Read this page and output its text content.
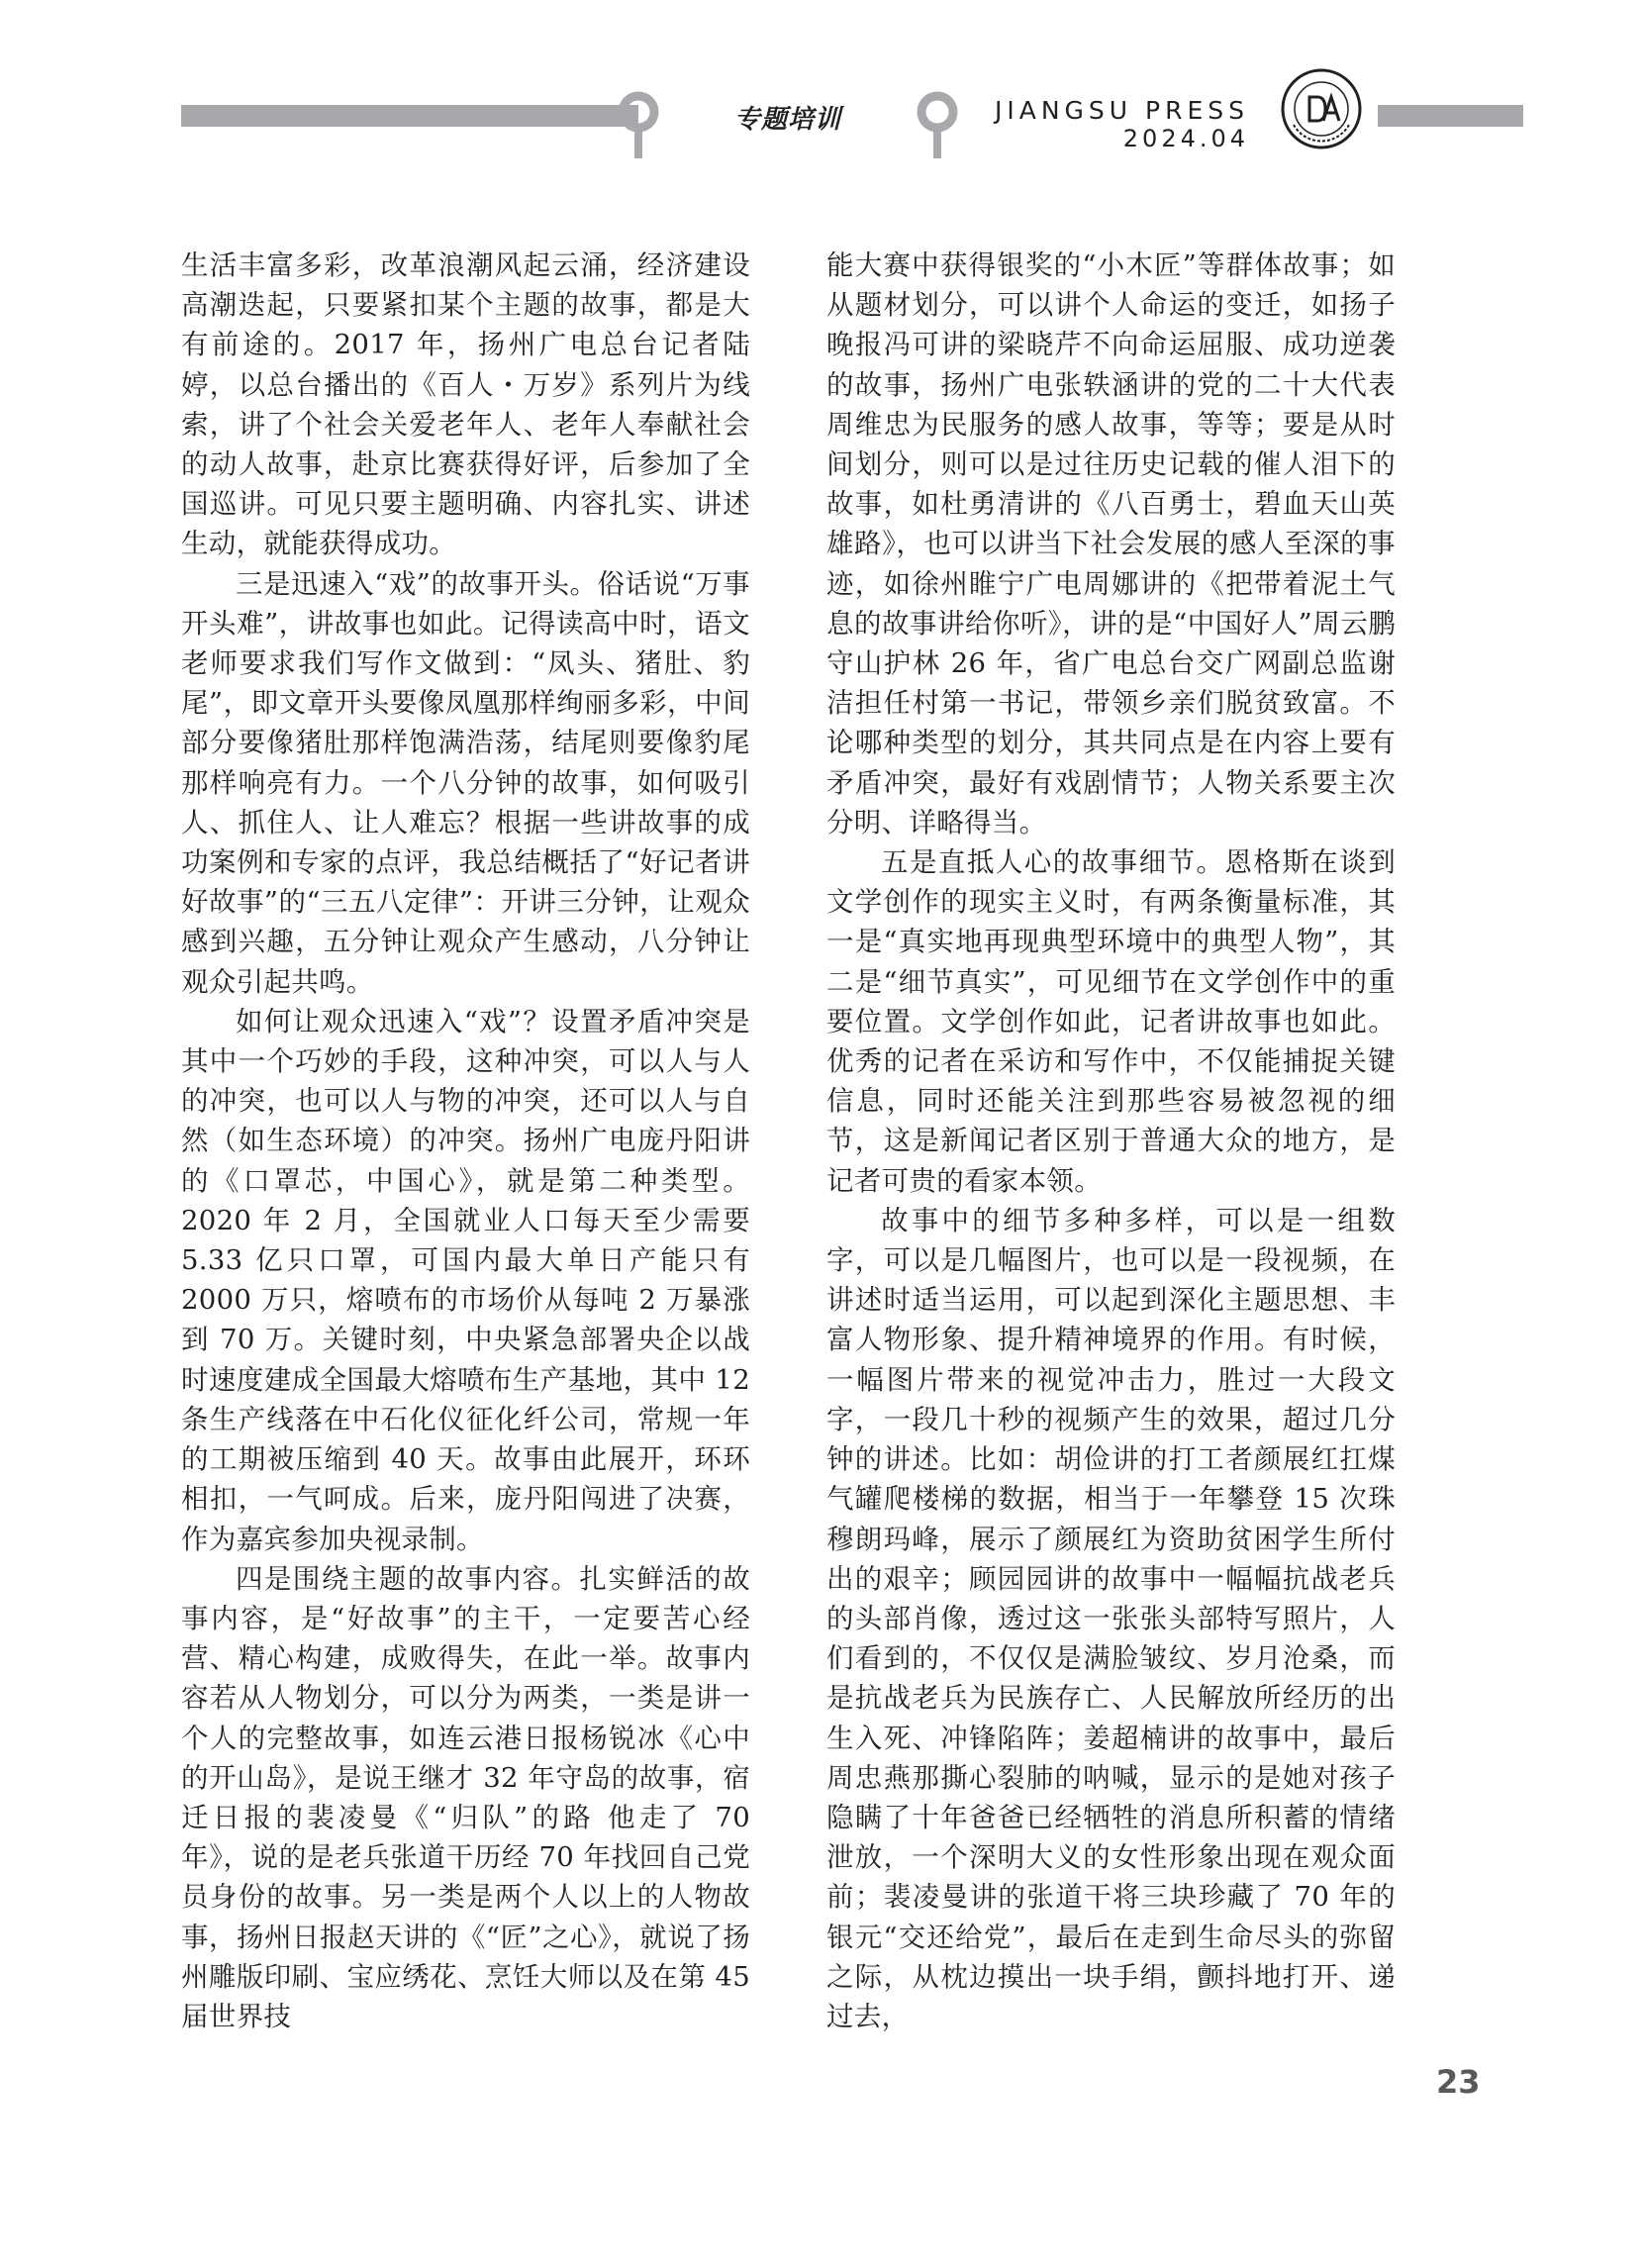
专题培训	JIANGSU PRESS
2024.04

生活丰富多彩，改革浪潮风起云涌，经济建设高潮迭起，只要紧扣某个主题的故事，都是大有前途的。2017 年，扬州广电总台记者陆婷，以总台播出的《百人・万岁》系列片为线索，讲了个社会关爱老年人、老年人奉献社会的动人故事，赴京比赛获得好评，后参加了全国巡讲。可见只要主题明确、内容扎实、讲述生动，就能获得成功。

三是迅速入“戏”的故事开头。俗话说“万事开头难”，讲故事也如此。记得读高中时，语文老师要求我们写作文做到：“凤头、猪肚、豹尾”，即文章开头要像凤凰那样绚丽多彩，中间部分要像猪肚那样饱满浩荡，结尾则要像豹尾那样响亮有力。一个八分钟的故事，如何吸引人、抓住人、让人难忘？根据一些讲故事的成功案例和专家的点评，我总结概括了“好记者讲好故事”的“三五八定律”：开讲三分钟，让观众感到兴趣，五分钟让观众产生感动，八分钟让观众引起共鸣。

如何让观众迅速入“戏”？设置矛盾冲突是其中一个巧妙的手段，这种冲突，可以人与人的冲突，也可以人与物的冲突，还可以人与自然（如生态环境）的冲突。扬州广电庞丹阳讲的《口罩芯，中国心》，就是第二种类型。2020 年 2 月，全国就业人口每天至少需要 5.33 亿只口罩，可国内最大单日产能只有 2000 万只，熔喷布的市场价从每吨 2 万暴涨到 70 万。关键时刻，中央紧急部署央企以战时速度建成全国最大熔喷布生产基地，其中 12 条生产线落在中石化仪征化纤公司，常规一年的工期被压缩到 40 天。故事由此展开，环环相扣，一气呵成。后来，庞丹阳闯进了决赛，作为嘉宾参加央视录制。

四是围绕主题的故事内容。扎实鲜活的故事内容，是“好故事”的主干，一定要苦心经营、精心构建，成败得失，在此一举。故事内容若从人物划分，可以分为两类，一类是讲一个人的完整故事，如连云港日报杨锐冰《心中的开山岛》，是说王继才 32 年守岛的故事，宿迁日报的裴凌曼《“归队”的路 他走了 70 年》，说的是老兵张道干历经 70 年找回自己党员身份的故事。另一类是两个人以上的人物故事，扬州日报赵天讲的《“匠”之心》，就说了扬州雕版印刷、宝应绣花、烹饪大师以及在第 45 届世界技

能大赛中获得银奖的“小木匠”等群体故事；如从题材划分，可以讲个人命运的变迁，如扬子晚报冯可讲的梁晓芹不向命运屈服、成功逆袭的故事，扬州广电张轶涵讲的党的二十大代表周维忠为民服务的感人故事，等等；要是从时间划分，则可以是过往历史记载的催人泪下的故事，如杜勇清讲的《八百勇士，碧血天山英雄路》，也可以讲当下社会发展的感人至深的事迹，如徐州睢宁广电周娜讲的《把带着泥土气息的故事讲给你听》，讲的是“中国好人”周云鹏守山护林 26 年，省广电总台交广网副总监谢洁担任村第一书记，带领乡亲们脱贫致富。不论哪种类型的划分，其共同点是在内容上要有矛盾冲突，最好有戏剧情节；人物关系要主次分明、详略得当。

五是直抵人心的故事细节。恩格斯在谈到文学创作的现实主义时，有两条衡量标准，其一是“真实地再现典型环境中的典型人物”，其二是“细节真实”，可见细节在文学创作中的重要位置。文学创作如此，记者讲故事也如此。优秀的记者在采访和写作中，不仅能捕捉关键信息，同时还能关注到那些容易被忽视的细节，这是新闻记者区别于普通大众的地方，是记者可贵的看家本领。

故事中的细节多种多样，可以是一组数字，可以是几幅图片，也可以是一段视频，在讲述时适当运用，可以起到深化主题思想、丰富人物形象、提升精神境界的作用。有时候，一幅图片带来的视觉冲击力，胜过一大段文字，一段几十秒的视频产生的效果，超过几分钟的讲述。比如：胡俭讲的打工者颜展红扛煤气罐爬楼梯的数据，相当于一年攀登 15 次珠穆朗玛峰，展示了颜展红为资助贫困学生所付出的艰辛；顾园园讲的故事中一幅幅抗战老兵的头部肖像，透过这一张张头部特写照片，人们看到的，不仅仅是满脸皱纹、岁月沧桑，而是抗战老兵为民族存亡、人民解放所经历的出生入死、冲锋陷阵；姜超楠讲的故事中，最后周忠燕那撕心裂肺的呐喊，显示的是她对孩子隐瞒了十年爸爸已经牺牲的消息所积蓄的情绪泄放，一个深明大义的女性形象出现在观众面前；裴凌曼讲的张道干将三块珍藏了 70 年的银元“交还给党”，最后在走到生命尽头的弥留之际，从枕边摸出一块手绢，颤抖地打开、递过去，

23
